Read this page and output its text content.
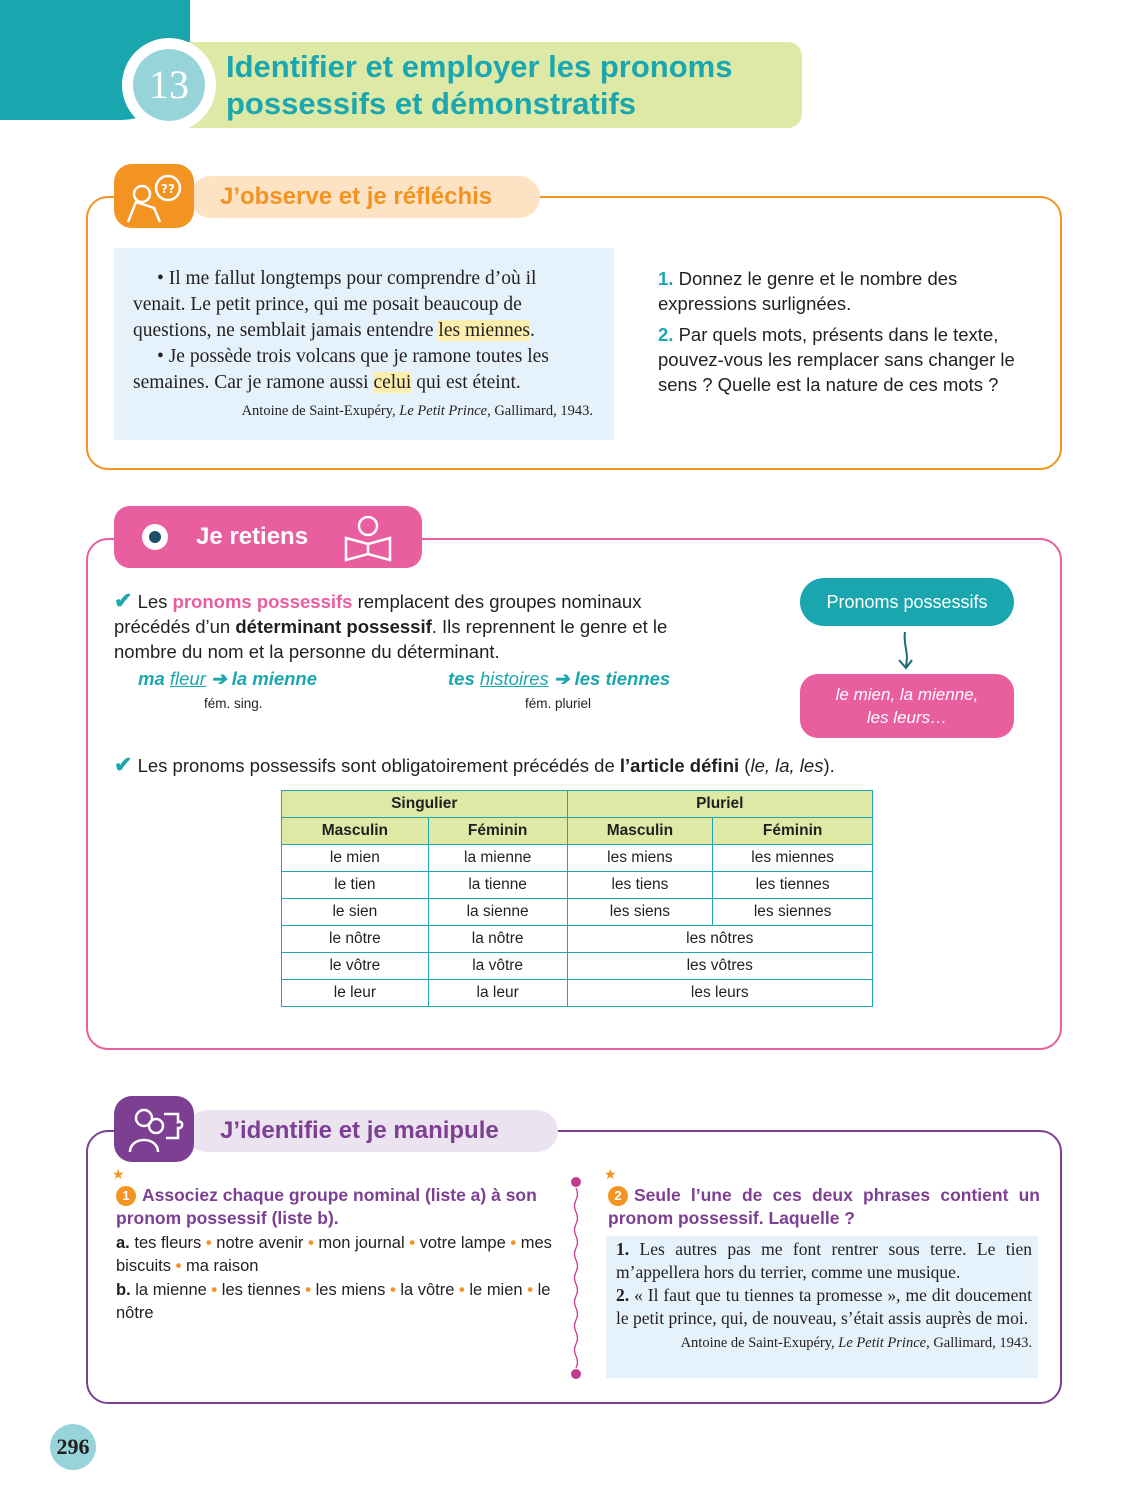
13	Identifier et employer les pronoms
possessifs et démonstratifs
J’observe et je réfléchis
??
• Il me fallut longtemps pour comprendre d’où il venait. Le petit prince, qui me posait beaucoup de questions, ne semblait jamais entendre les miennes.
• Je possède trois volcans que je ramone toutes les semaines. Car je ramone aussi celui qui est éteint.
Antoine de Saint-Exupéry, Le Petit Prince, Gallimard, 1943.
1. Donnez le genre et le nombre des expressions surlignées.
2. Par quels mots, présents dans le texte, pouvez-vous les remplacer sans changer le sens ? Quelle est la nature de ces mots ?
Je retiens
✔ Les pronoms possessifs remplacent des groupes nominaux précédés d’un déterminant possessif. Ils reprennent le genre et le nombre du nom et la personne du déterminant.
ma fleur ➔ la mienne
fém. sing.
tes histoires ➔ les tiennes
fém. pluriel
Pronoms possessifs
le mien, la mienne,
les leurs…
✔ Les pronoms possessifs sont obligatoirement précédés de l’article défini (le, la, les).
Singulier		Pluriel	
Masculin	Féminin	Masculin	Féminin
le mien	la mienne	les miens	les miennes
le tien	la tienne	les tiens	les tiennes
le sien	la sienne	les siens	les siennes
le nôtre	la nôtre	les nôtres	
le vôtre	la vôtre	les vôtres	
le leur	la leur	les leurs	
J’identifie et je manipule
★
1 Associez chaque groupe nominal (liste a) à son pronom possessif (liste b).
a. tes fleurs • notre avenir • mon journal • votre lampe • mes biscuits • ma raison
b. la mienne • les tiennes • les miens • la vôtre • le mien • le nôtre
★
2 Seule l’une de ces deux phrases contient un pronom possessif. Laquelle ?
1. Les autres pas me font rentrer sous terre. Le tien m’appellera hors du terrier, comme une musique.
2. « Il faut que tu tiennes ta promesse », me dit doucement le petit prince, qui, de nouveau, s’était assis auprès de moi.
Antoine de Saint-Exupéry, Le Petit Prince, Gallimard, 1943.
296
